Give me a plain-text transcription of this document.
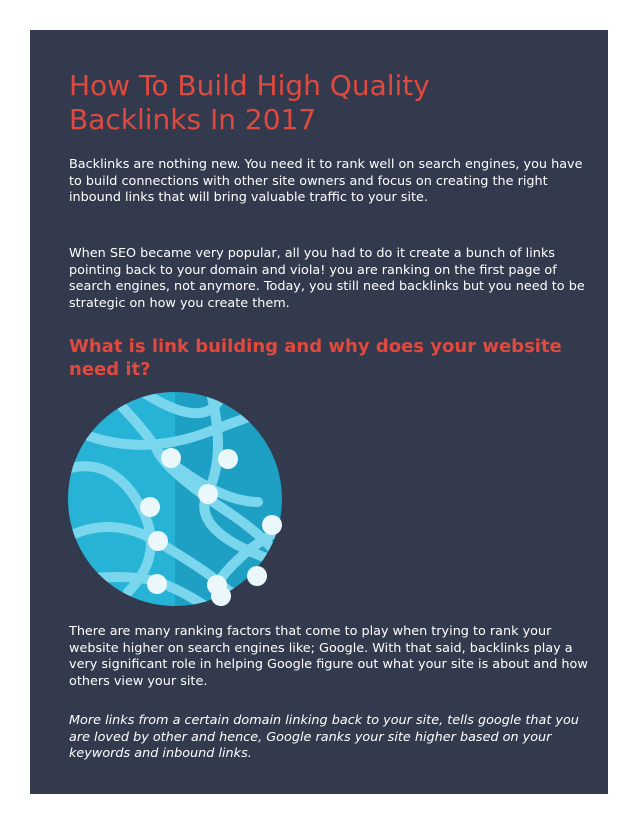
How To Build High Quality Backlinks In 2017

Backlinks are nothing new. You need it to rank well on search engines, you have to build connections with other site owners and focus on creating the right inbound links that will bring valuable traffic to your site.

When SEO became very popular, all you had to do it create a bunch of links pointing back to your domain and viola! you are ranking on the first page of search engines, not anymore. Today, you still need backlinks but you need to be strategic on how you create them.

What is link building and why does your website need it?

There are many ranking factors that come to play when trying to rank your website higher on search engines like; Google. With that said, backlinks play a very significant role in helping Google figure out what your site is about and how others view your site.

More links from a certain domain linking back to your site, tells google that you are loved by other and hence, Google ranks your site higher based on your keywords and inbound links.
